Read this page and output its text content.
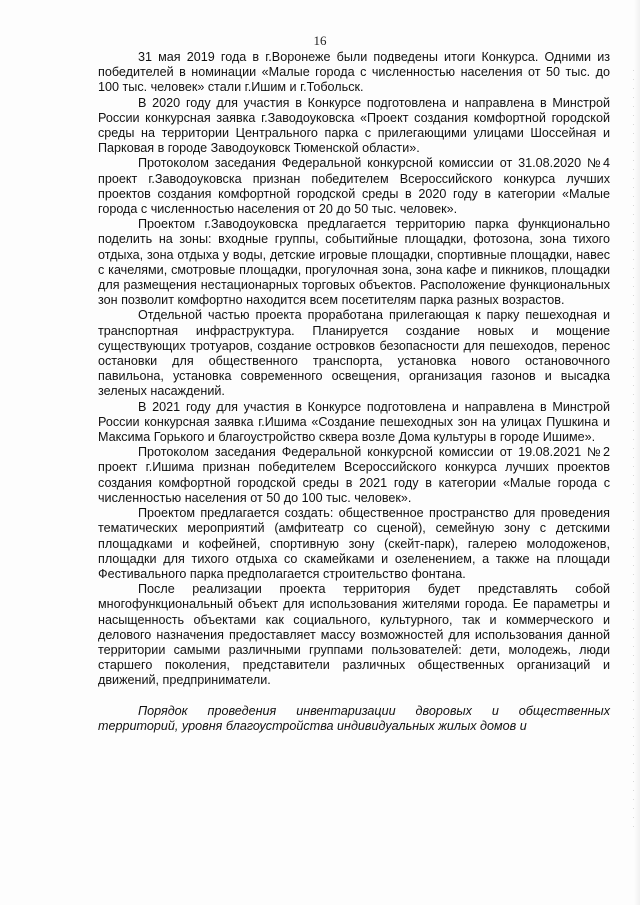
16

31 мая 2019 года в г.Воронеже были подведены итоги Конкурса. Одними из победителей в номинации «Малые города с численностью населения от 50 тыс. до 100 тыс. человек» стали г.Ишим и г.Тобольск.

В 2020 году для участия в Конкурсе подготовлена и направлена в Минстрой России конкурсная заявка г.Заводоуковска «Проект создания комфортной городской среды на территории Центрального парка с прилегающими улицами Шоссейная и Парковая в городе Заводоуковск Тюменской области».

Протоколом заседания Федеральной конкурсной комиссии от 31.08.2020 №4 проект г.Заводоуковска признан победителем Всероссийского конкурса лучших проектов создания комфортной городской среды в 2020 году в категории «Малые города с численностью населения от 20 до 50 тыс. человек».

Проектом г.Заводоуковска предлагается территорию парка функционально поделить на зоны: входные группы, событийные площадки, фотозона, зона тихого отдыха, зона отдыха у воды, детские игровые площадки, спортивные площадки, навес с качелями, смотровые площадки, прогулочная зона, зона кафе и пикников, площадки для размещения нестационарных торговых объектов. Расположение функциональных зон позволит комфортно находится всем посетителям парка разных возрастов.

Отдельной частью проекта проработана прилегающая к парку пешеходная и транспортная инфраструктура. Планируется создание новых и мощение существующих тротуаров, создание островков безопасности для пешеходов, перенос остановки для общественного транспорта, установка нового остановочного павильона, установка современного освещения, организация газонов и высадка зеленых насаждений.

В 2021 году для участия в Конкурсе подготовлена и направлена в Минстрой России конкурсная заявка г.Ишима «Создание пешеходных зон на улицах Пушкина и Максима Горького и благоустройство сквера возле Дома культуры в городе Ишиме».

Протоколом заседания Федеральной конкурсной комиссии от 19.08.2021 №2 проект г.Ишима признан победителем Всероссийского конкурса лучших проектов создания комфортной городской среды в 2021 году в категории «Малые города с численностью населения от 50 до 100 тыс. человек».

Проектом предлагается создать: общественное пространство для проведения тематических мероприятий (амфитеатр со сценой), семейную зону с детскими площадками и кофейней, спортивную зону (скейт-парк), галерею молодоженов, площадки для тихого отдыха со скамейками и озеленением, а также на площади Фестивального парка предполагается строительство фонтана.

После реализации проекта территория будет представлять собой многофункциональный объект для использования жителями города. Ее параметры и насыщенность объектами как социального, культурного, так и коммерческого и делового назначения предоставляет массу возможностей для использования данной территории самыми различными группами пользователей: дети, молодежь, люди старшего поколения, представители различных общественных организаций и движений, предприниматели.

Порядок проведения инвентаризации дворовых и общественных территорий, уровня благоустройства индивидуальных жилых домов и
